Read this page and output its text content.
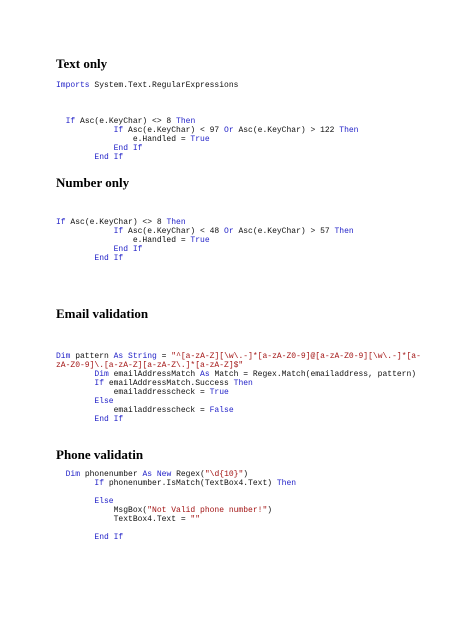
Text only
Imports System.Text.RegularExpressions

If Asc(e.KeyChar) <> 8 Then
If Asc(e.KeyChar) < 97 Or Asc(e.KeyChar) > 122 Then
e.Handled = True
End If
End If
Number only

If Asc(e.KeyChar) <> 8 Then
If Asc(e.KeyChar) < 48 Or Asc(e.KeyChar) > 57 Then
e.Handled = True
End If
End If
Email validation

Dim pattern As String = "^[a-zA-Z][\w\.-]*[a-zA-Z0-9]@[a-zA-Z0-9][\w\.-]*[a-
zA-Z0-9]\.[a-zA-Z][a-zA-Z\.]*[a-zA-Z]$"
Dim emailAddressMatch As Match = Regex.Match(emailaddress, pattern)
If emailAddressMatch.Success Then
emailaddresscheck = True
Else
emailaddresscheck = False
End If
Phone validatin

Dim phonenumber As New Regex("\d{10}")
If phonenumber.IsMatch(TextBox4.Text) Then

Else
MsgBox("Not Valid phone number!")
TextBox4.Text = ""

End If
